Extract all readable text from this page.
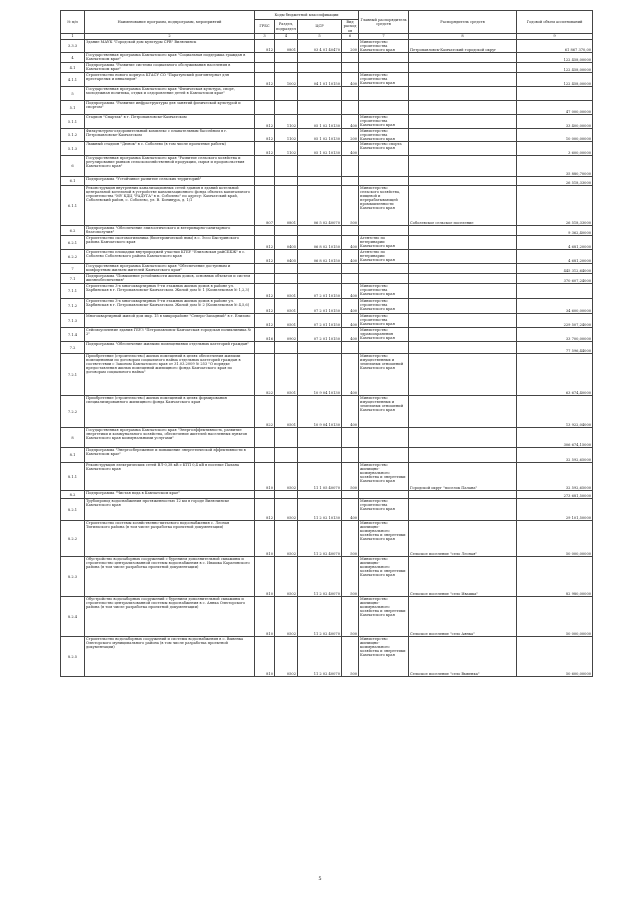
№ п/п	Наименование программ, подпрограмм, мероприятий	Коды бюджетной классификации				Главный распорядитель средств	Распорядитель средств	Годовой объем ассигнований
		ГРБС	Раздел, подраздел	ЦСР	Вид расходов			
1	2	3	4	5	6	7	8	9
3.3.3	Здание МАУК "Городской дом культуры СРВ" Вилючинск	812	0801	03 4 01 40470	200	Министерство строительства Камчатского края	Петропавловск-Камчатский городской округ	61 867 370,00
4	Государственная программа Камчатского края "Социальная поддержка граждан в Камчатском крае"							122 458,00000
4.1	Подпрограмма "Развитие системы социального обслуживания населения в Камчатском крае"							122 458,00000
4.1.1	Строительство нового корпуса КГАСУ СО "Паратунский дом-интернат для престарелых и инвалидов"	812	1002	04 1 01 10150	400	Министерство строительства Камчатского края		122 458,00000
5	Государственная программа Камчатского края "Физическая культура, спорт, молодежная политика, отдых и оздоровление детей в Камчатском крае"							
5.1	Подпрограмма "Развитие инфраструктуры для занятий физической культурой и спортом"							47 000,00000
5.1.1	Стадион "Спартак" в г. Петропавловске-Камчатском	812	1102	05 1 02 10130	400	Министерство строительства Камчатского края		33 400,00000
5.1.2	Физкультурно-оздоровительный комплекс с плавательным бассейном в г. Петропавловске-Камчатском	812	1102	05 1 02 10130	200	Министерство строительства Камчатского края		10 000,00000
5.1.3	Лыжный стадион "Дюнок" в с. Соболево (в том числе проектные работы)	812	1102	05 1 02 10130	400	Министерство спорта Камчатского края		3 600,00000
6	Государственная программа Камчатского края "Развитие сельского хозяйства и регулирование рынков сельскохозяйственной продукции, сырья и продовольствия Камчатского края"							35 880,70000
6.1	Подпрограмма "Устойчивое развитие сельских территорий"							26 518,33000
6.1.1	Реконструкция внутренних канализационных сетей здания в зданий котельной центральной котельной в устройстве канализационного фонда объекта капитального строительства "МУ КДЦ "РАДУГА" в п. Соболево" по адресу: Камчатский край, Соболевский район, с. Соболево, ул. В. Бонивура, д. 1/1	807	0801	06 5 02 40070	500	Министерство сельского хозяйства, пищевой и перерабатывающей промышленности Камчатского края	Соболевское сельское поселение	26 518,33000
6.2	Подпрограмма "Обеспечение эпизоотического и ветеринарно-санитарного благополучия"							9 362,40000
6.2.1	Строительство скотомогильника (биотермической ямы) в с. Эссо Быстринского района Камчатского края	812	0405	06 8 02 10150	400	Агентство по ветеринарии Камчатского края		4 681,20000
6.2.2	Строительство площадки внутрироджей участки КГБУ "Елизовская райСББЖ" в с. Соболево Соболевского района Камчатского края	812	0405	06 8 02 10150	400	Агентство по ветеринарии Камчатского края		4 681,20000
7	Государственная программа Камчатского края "Обеспечение доступным и комфортным жильем жителей Камчатского края"							445 312,64000
7.1	Подпрограмма "Повышение устойчивости жилых домов, основных объектов и систем жизнеобеспечения"							370 607,24000
7.1.1	Строительство 3-х многоквартирных 9-ти этажных жилых домов в районе ул. Харбинская в г. Петропавловске-Камчатском. Жилой дом № 1 (Комплексная № 1,2,3)	812	0501	07 2 01 10150	400	Министерство строительства Камчатского края		
7.1.2	Строительство 3-х многоквартирных 9-ти этажных жилых домов в районе ул. Харбинская в г. Петропавловске-Камчатском. Жилой дом № 2 (Комплексная № 4,5,6)	812	0501	07 2 01 10150	400	Министерство строительства Камчатского края		34 600,00000
7.1.3	Многоквартирный жилой дом мкр. 15 в микрорайоне "Северо-Западный" в г. Елизово	812	0501	07 2 01 10150	400	Министерство строительства Камчатского края		229 507,24000
7.1.4	Сейсмоусиление здания ГБУЗ "Петропавловск-Камчатская городская поликлиника № 2"	816	0902	07 2 01 10150	400	Министерство здравоохранения Камчатского края		33 700,00000
7.2	Подпрограмма "Обеспечение жилыми помещениями отдельных категорий граждан"							77 596,44000
7.2.1	Приобретение (строительство) жилых помещений в целях обеспечения жилыми помещениями по договорам социального найма отдельных категорий граждан в соответствии с Законом Камчатского края от 31.03.2009 № 253 "О порядке предоставления жилых помещений жилищного фонда Камчатского края по договорам социального найма"	822	0501	10 9 04 10130	400	Министерство имущественных и земельных отношений Камчатского края		63 674,40000
7.2.2	Приобретение (строительство) жилых помещений в целях формирования специализированного жилищного фонда Камчатского края	822	0501	10 9 04 10130	400	Министерство имущественных и земельных отношений Камчатского края		13 922,04000
8	Государственная программа Камчатского края "Энергоэффективность, развитие энергетики и коммунального хозяйства, обеспечение жителей населенных пунктов Камчатского края коммунальными услугами"							306 674,15000
8.1	Подпрограмма "Энергосбережение и повышение энергетической эффективности в Камчатском крае"							32 592,65000
8.1.1	Реконструкция электрических сетей ВЛ-0,38 кВ с КТП 0,4 кВ в поселке Палана Камчатского края	810	0502	11 1 05 40070	500	Министерство жилищно-коммунального хозяйства и энергетики Камчатского края	Городской округ "поселок Палана"	32 592,65000
8.2	Подпрограмма "Чистая вода в Камчатском крае"							273 681,50000
8.2.1	Трубопровод водоснабжения протяженностью 12 км в городе Вилючинске Камчатского края	812	0502	11 2 02 10130	400	Министерство строительства Камчатского края		29 101,50000
8.2.2	Строительство системы хозяйственно-питьевого водоснабжения с. Лесная Тигильского района (в том числе разработка проектной документации)	810	0502	11 2 02 40070	500	Министерство жилищно-коммунального хозяйства и энергетики Камчатского края	Сельское поселение "село Лесная"	50 000,00000
8.2.3	Обустройство водозаборных сооружений с бурением дополнительной скважины и строительство централизованной системы водоснабжения в с. Ивашка Карагинского района (в том числе разработка проектной документации)	810	0502	11 2 02 40070	500	Министерство жилищно-коммунального хозяйства и энергетики Камчатского края	Сельское поселение "село Ивашка"	82 980,00000
8.2.4	Обустройство водозаборных сооружений с бурением дополнительной скважины и строительство централизованной системы водоснабжения в с. Аянка Олюторского района (в том числе разработка проектной документации)	810	0502	11 2 02 40070	500	Министерство жилищно-коммунального хозяйства и энергетики Камчатского края	Сельское поселение "село Аянка"	50 000,00000
8.2.5	Строительство водозаборных сооружений и системы водоснабжения в с. Вывенка Олюторского муниципального района (в том числе разработка проектной документации)	810	0502	11 2 02 40070	500	Министерство жилищно-коммунального хозяйства и энергетики Камчатского края	Сельское поселение "село Вывенка"	50 600,00000
5
